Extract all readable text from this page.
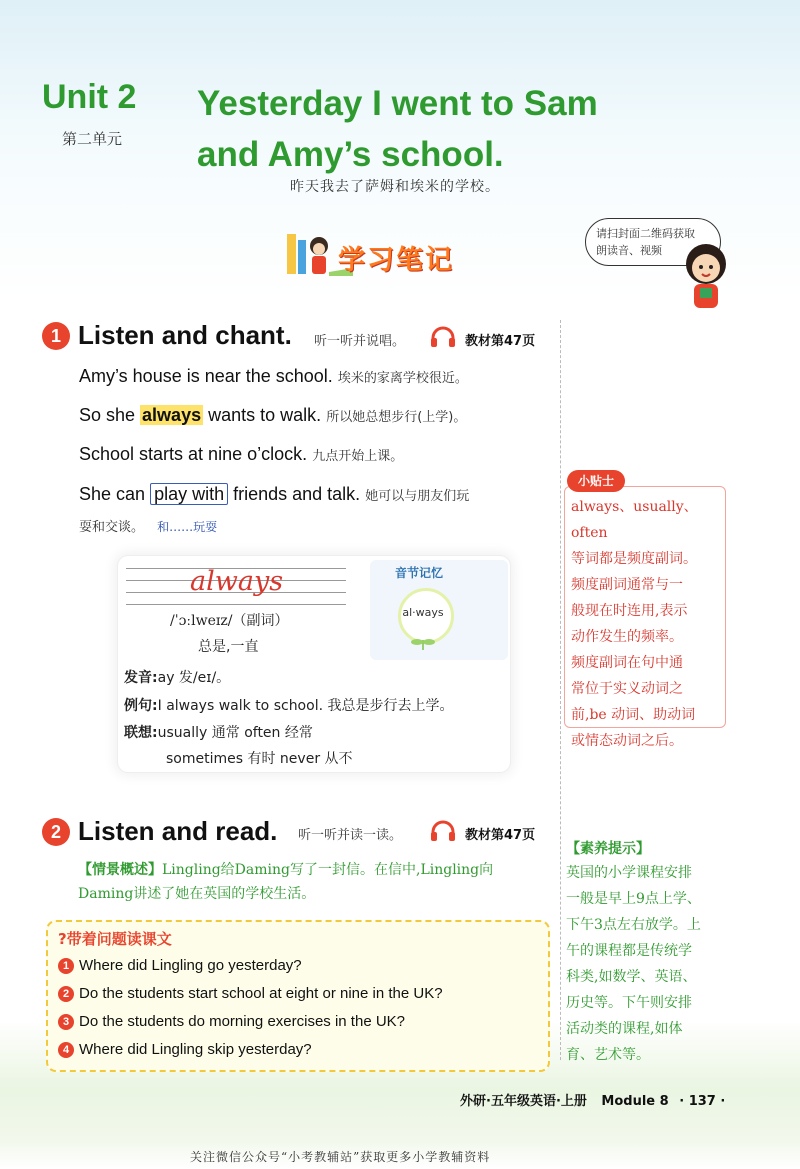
Unit 2
第二单元
Yesterday I went to Sam
and Amy’s school.
昨天我去了萨姆和埃米的学校。
学习笔记
请扫封面二维码获取
朗读音、视频
1 Listen and chant. 听一听并说唱。	教材第47页
Amy’s house is near the school. 埃米的家离学校很近。
So she always wants to walk. 所以她总想步行(上学)。
School starts at nine o’clock. 九点开始上课。
She can play with friends and talk. 她可以与朋友们玩
耍和交谈。 和……玩耍
always
/ˈɔːlweɪz/（副词）
总是,一直
音节记忆
al·ways
发音:ay 发/eɪ/。
例句:I always walk to school. 我总是步行去上学。
联想:usually 通常 often 经常
sometimes 有时 never 从不
小贴士
always、usually、often
等词都是频度副词。
频度副词通常与一
般现在时连用,表示
动作发生的频率。
频度副词在句中通
常位于实义动词之
前,be 动词、助动词
或情态动词之后。
2 Listen and read. 听一听并读一读。	教材第47页
【情景概述】Lingling给Daming写了一封信。在信中,Lingling向
Daming讲述了她在英国的学校生活。
?带着问题读课文
1 Where did Lingling go yesterday?
2 Do the students start school at eight or nine in the UK?
3 Do the students do morning exercises in the UK?
4 Where did Lingling skip yesterday?
【素养提示】
英国的小学课程安排
一般是早上9点上学、
下午3点左右放学。上
午的课程都是传统学
科类,如数学、英语、
历史等。下午则安排
活动类的课程,如体
育、艺术等。
外研·五年级英语·上册 Module 8 · 137 ·
关注微信公众号“小考教辅站”获取更多小学教辅资料
